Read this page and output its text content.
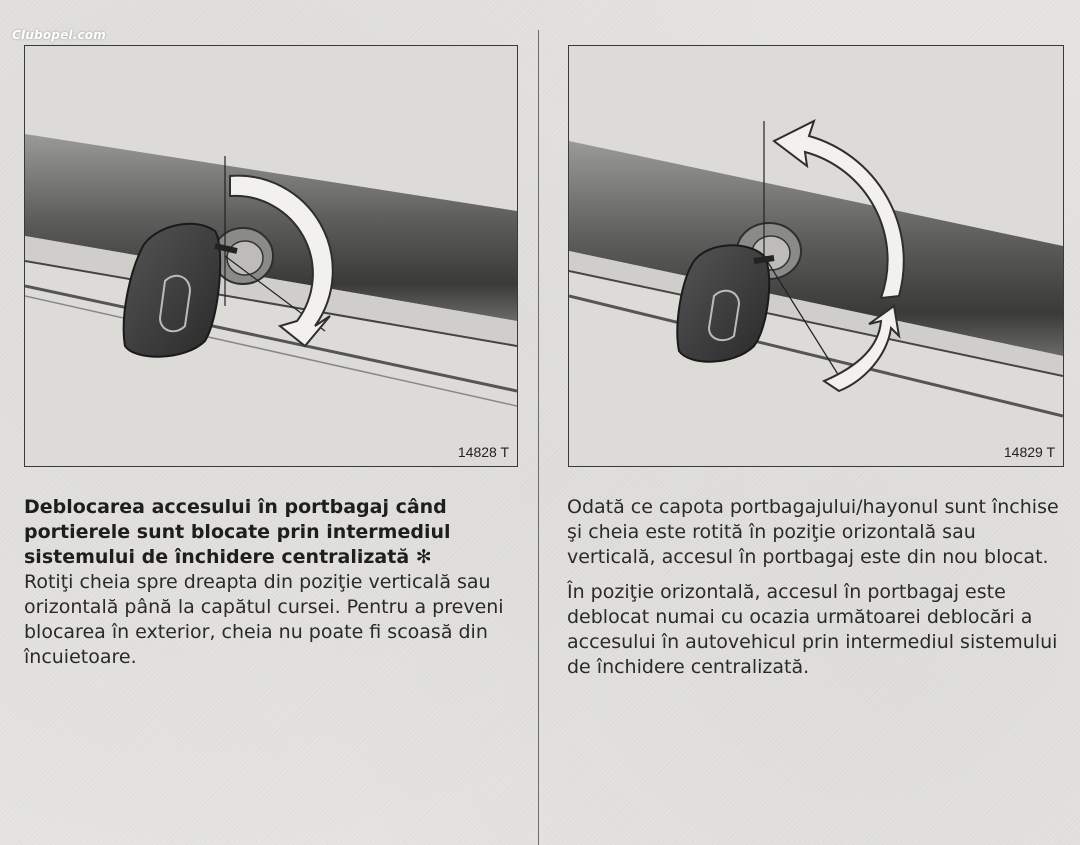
Clubopel.com
14828 T	14829 T

Deblocarea accesului în portbagaj când portierele sunt blocate prin intermediul sistemului de închidere centralizată ✻

Rotiţi cheia spre dreapta din poziţie verticală sau orizontală până la capătul cursei. Pentru a preveni blocarea în exterior, cheia nu poate fi scoasă din încuietoare.

Odată ce capota portbagajului/hayonul sunt închise şi cheia este rotită în poziţie orizontală sau verticală, accesul în portbagaj este din nou blocat.

În poziţie orizontală, accesul în portbagaj este deblocat numai cu ocazia următoarei deblocări a accesului în autovehicul prin intermediul sistemului de închidere centralizată.
